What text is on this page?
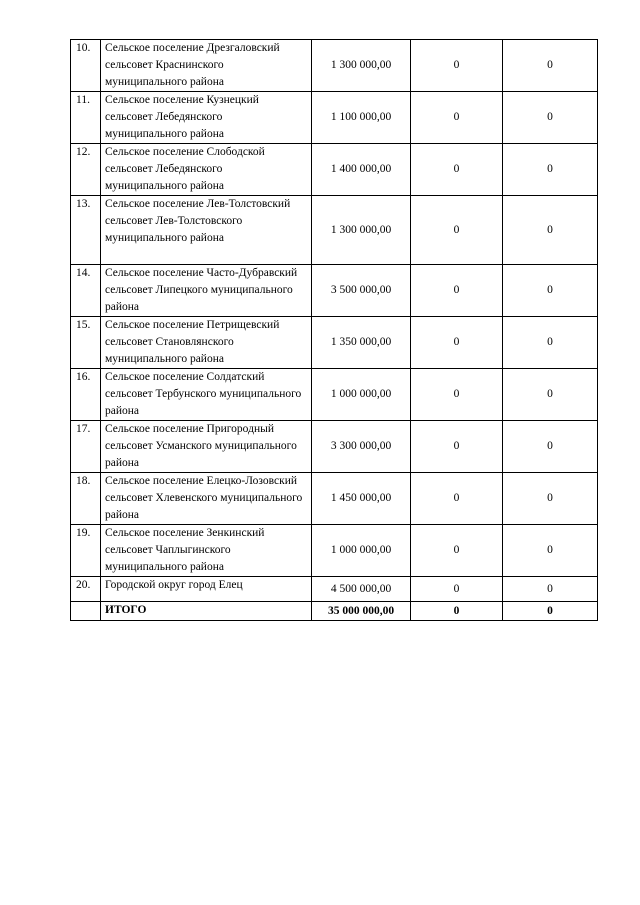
10.	Сельское поселение Дрезгаловский сельсовет Краснинского муниципального района	1 300 000,00	0	0
11.	Сельское поселение Кузнецкий сельсовет Лебедянского муниципального района	1 100 000,00	0	0
12.	Сельское поселение Слободской сельсовет Лебедянского муниципального района	1 400 000,00	0	0
13.	Сельское поселение Лев-Толстовский сельсовет Лев-Толстовского муниципального района	1 300 000,00	0	0
14.	Сельское поселение Часто-Дубравский сельсовет Липецкого муниципального района	3 500 000,00	0	0
15.	Сельское поселение Петрищевский сельсовет Становлянского муниципального района	1 350 000,00	0	0
16.	Сельское поселение Солдатский сельсовет Тербунского муниципального района	1 000 000,00	0	0
17.	Сельское поселение Пригородный сельсовет Усманского муниципального района	3 300 000,00	0	0
18.	Сельское поселение Елецко-Лозовский сельсовет Хлевенского муниципального района	1 450 000,00	0	0
19.	Сельское поселение Зенкинский сельсовет Чаплыгинского муниципального района	1 000 000,00	0	0
20.	Городской округ город Елец	4 500 000,00	0	0
	ИТОГО	35 000 000,00	0	0
